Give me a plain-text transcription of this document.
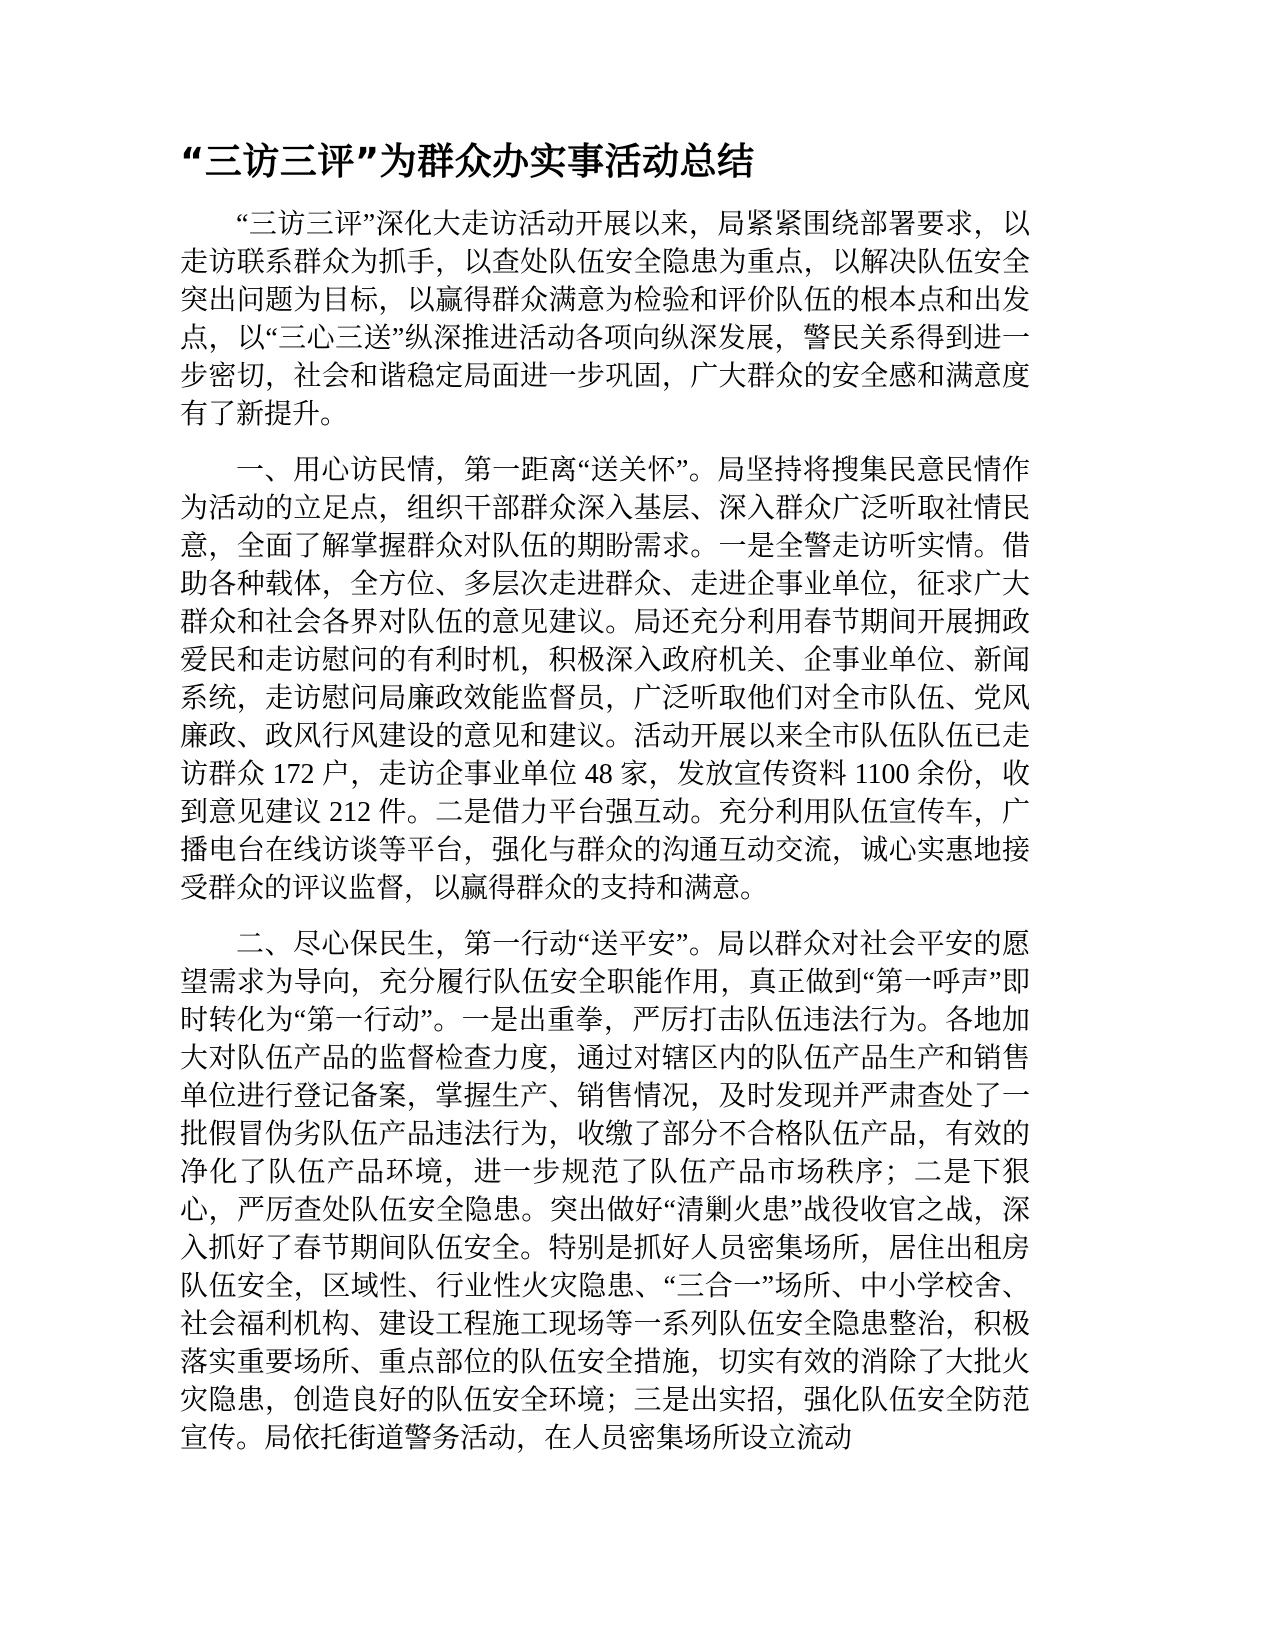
“三访三评”为群众办实事活动总结

“三访三评”深化大走访活动开展以来，局紧紧围绕部署要求，以走访联系群众为抓手，以查处队伍安全隐患为重点，以解决队伍安全突出问题为目标，以赢得群众满意为检验和评价队伍的根本点和出发点，以“三心三送”纵深推进活动各项向纵深发展，警民关系得到进一步密切，社会和谐稳定局面进一步巩固，广大群众的安全感和满意度有了新提升。

一、用心访民情，第一距离“送关怀”。局坚持将搜集民意民情作为活动的立足点，组织干部群众深入基层、深入群众广泛听取社情民意，全面了解掌握群众对队伍的期盼需求。一是全警走访听实情。借助各种载体，全方位、多层次走进群众、走进企事业单位，征求广大群众和社会各界对队伍的意见建议。局还充分利用春节期间开展拥政爱民和走访慰问的有利时机，积极深入政府机关、企事业单位、新闻系统，走访慰问局廉政效能监督员，广泛听取他们对全市队伍、党风廉政、政风行风建设的意见和建议。活动开展以来全市队伍队伍已走访群众 172 户，走访企事业单位 48 家，发放宣传资料 1100 余份，收到意见建议 212 件。二是借力平台强互动。充分利用队伍宣传车，广播电台在线访谈等平台，强化与群众的沟通互动交流，诚心实惠地接受群众的评议监督，以赢得群众的支持和满意。

二、尽心保民生，第一行动“送平安”。局以群众对社会平安的愿望需求为导向，充分履行队伍安全职能作用，真正做到“第一呼声”即时转化为“第一行动”。一是出重拳，严厉打击队伍违法行为。各地加大对队伍产品的监督检查力度，通过对辖区内的队伍产品生产和销售单位进行登记备案，掌握生产、销售情况，及时发现并严肃查处了一批假冒伪劣队伍产品违法行为，收缴了部分不合格队伍产品，有效的净化了队伍产品环境，进一步规范了队伍产品市场秩序；二是下狠心，严厉查处队伍安全隐患。突出做好“清剿火患”战役收官之战，深入抓好了春节期间队伍安全。特别是抓好人员密集场所，居住出租房队伍安全，区域性、行业性火灾隐患、“三合一”场所、中小学校舍、社会福利机构、建设工程施工现场等一系列队伍安全隐患整治，积极落实重要场所、重点部位的队伍安全措施，切实有效的消除了大批火灾隐患，创造良好的队伍安全环境；三是出实招，强化队伍安全防范宣传。局依托街道警务活动，在人员密集场所设立流动
